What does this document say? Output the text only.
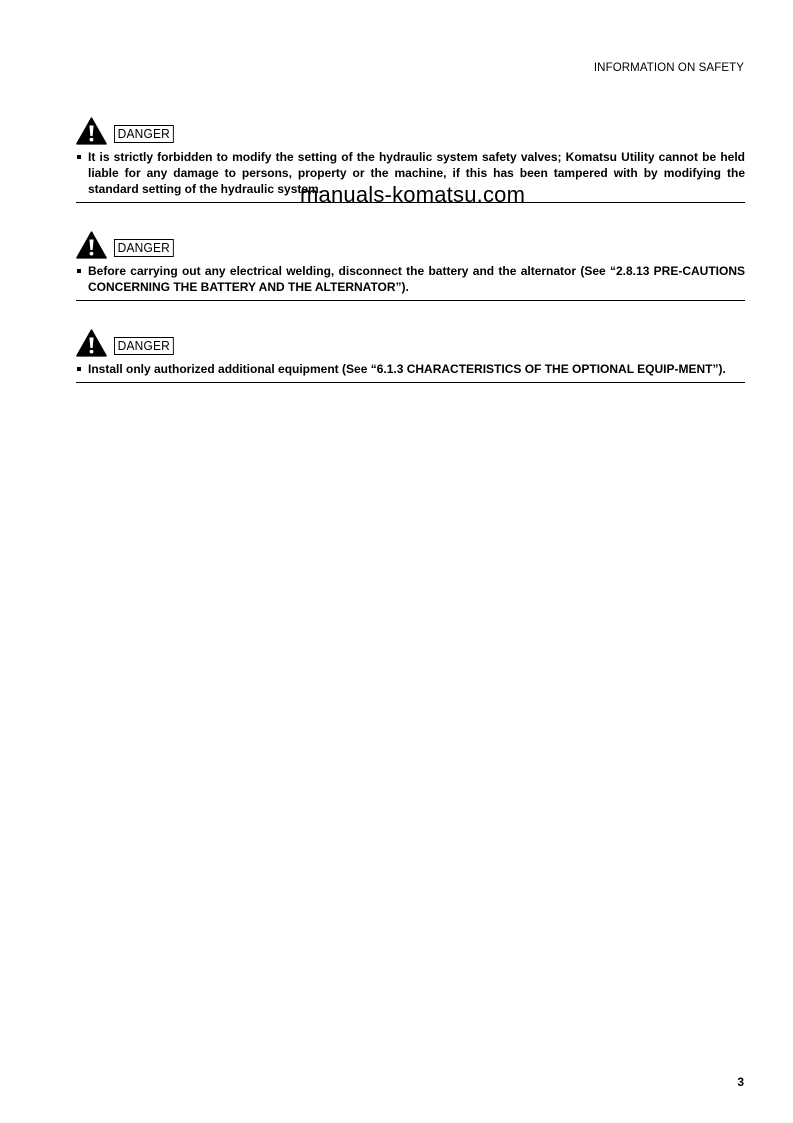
INFORMATION ON SAFETY
DANGER
It is strictly forbidden to modify the setting of the hydraulic system safety valves; Komatsu Utility cannot be held liable for any damage to persons, property or the machine, if this has been tampered with by modifying the standard setting of the hydraulic system.
DANGER
Before carrying out any electrical welding, disconnect the battery and the alternator (See “2.8.13 PRE-CAUTIONS CONCERNING THE BATTERY AND THE ALTERNATOR”).
DANGER
Install only authorized additional equipment (See “6.1.3 CHARACTERISTICS OF THE OPTIONAL EQUIP-MENT”).
manuals-komatsu.com
3
